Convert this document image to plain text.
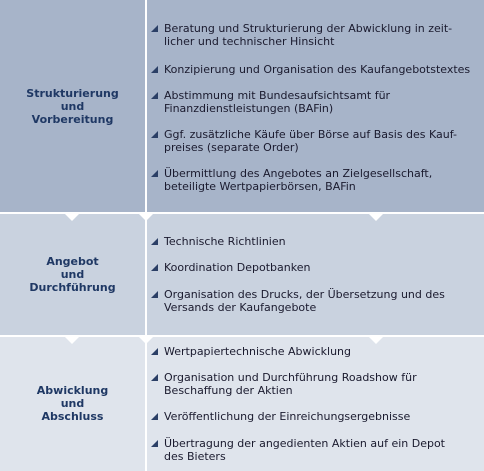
Strukturierung
und
Vorbereitung
Beratung und Strukturierung der Abwicklung in zeit-
licher und technischer Hinsicht
Konzipierung und Organisation des Kaufangebotstextes
Abstimmung mit Bundesaufsichtsamt für
Finanzdienstleistungen (BAFin)
Ggf. zusätzliche Käufe über Börse auf Basis des Kauf-
preises (separate Order)
Übermittlung des Angebotes an Zielgesellschaft,
beteiligte Wertpapierbörsen, BAFin
Angebot
und
Durchführung
Technische Richtlinien
Koordination Depotbanken
Organisation des Drucks, der Übersetzung und des
Versands der Kaufangebote
Abwicklung
und
Abschluss
Wertpapiertechnische Abwicklung
Organisation und Durchführung Roadshow für
Beschaffung der Aktien
Veröffentlichung der Einreichungsergebnisse
Übertragung der angedienten Aktien auf ein Depot
des Bieters
